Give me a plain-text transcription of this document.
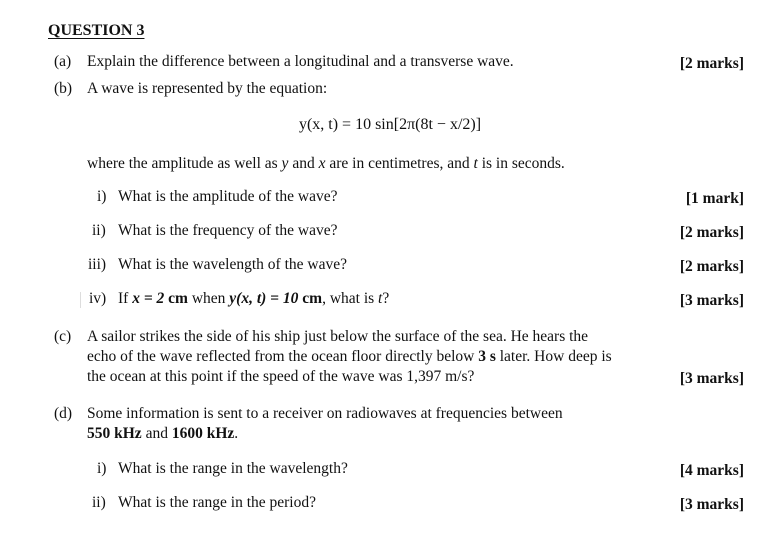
QUESTION 3
(a) Explain the difference between a longitudinal and a transverse wave.	[2 marks]
(b) A wave is represented by the equation:
y(x, t) = 10 sin[2π(8t − x/2)]
where the amplitude as well as y and x are in centimetres, and t is in seconds.
i) What is the amplitude of the wave?	[1 mark]
ii) What is the frequency of the wave?	[2 marks]
iii) What is the wavelength of the wave?	[2 marks]
iv) If x = 2 cm when y(x, t) = 10 cm, what is t?	[3 marks]
(c) A sailor strikes the side of his ship just below the surface of the sea. He hears the
echo of the wave reflected from the ocean floor directly below 3 s later. How deep is
the ocean at this point if the speed of the wave was 1,397 m/s?	[3 marks]
(d) Some information is sent to a receiver on radiowaves at frequencies between
550 kHz and 1600 kHz.
i) What is the range in the wavelength?	[4 marks]
ii) What is the range in the period?	[3 marks]
